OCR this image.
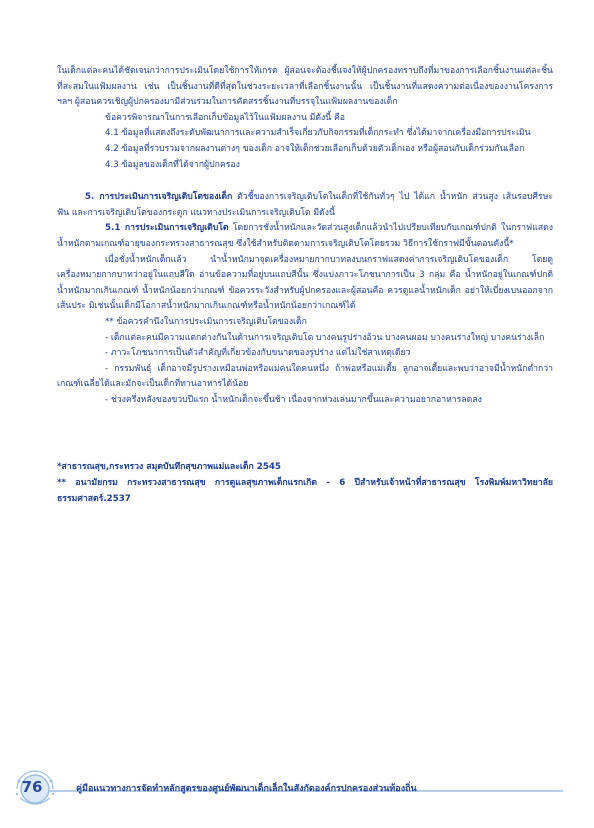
ในเด็กแต่ละคนได้ชัดเจนกว่าการประเมินโดยใช้การให้เกรด ผู้สอนจะต้องชี้แจงให้ผู้ปกครองทราบถึงที่มาของการเลือกชิ้นงานแต่ละชิ้นที่สะสมในแฟ้มผลงาน เช่น เป็นชิ้นงานที่ดีที่สุดในช่วงระยะเวลาที่เลือกชิ้นงานนั้น เป็นชิ้นงานที่แสดงความต่อเนื่องของงานโครงการ ฯลฯ ผู้สอนควรเชิญผู้ปกครองมามีส่วนร่วมในการคัดสรรชิ้นงานที่บรรจุในแฟ้มผลงานของเด็ก

ข้อควรพิจารณาในการเลือกเก็บข้อมูลไว้ในแฟ้มผลงาน มีดังนี้ คือ

4.1 ข้อมูลที่แสดงถึงระดับพัฒนาการและความสำเร็จเกี่ยวกับกิจกรรมที่เด็กกระทำ ซึ่งได้มาจากเครื่องมือการประเมิน

4.2 ข้อมูลที่รวบรวมจากผลงานต่างๆ ของเด็ก อาจให้เด็กช่วยเลือกเก็บด้วยตัวเด็กเอง หรือผู้สอนกับเด็กร่วมกันเลือก

4.3 ข้อมูลของเด็กที่ได้จากผู้ปกครอง

5. การประเมินการเจริญเติบโตของเด็ก ตัวชี้ของการเจริญเติบโตในเด็กที่ใช้กันทั่วๆ ไป ได้แก่ น้ำหนัก ส่วนสูง เส้นรอบศีรษะ ฟัน และการเจริญเติบโตของกระดูก แนวทางประเมินการเจริญเติบโต มีดังนี้

5.1 การประเมินการเจริญเติบโต โดยการชั่งน้ำหนักและวัดส่วนสูงเด็กแล้วนำไปเปรียบเทียบกับเกณฑ์ปกติ ในกราฟแสดงน้ำหนักตามเกณฑ์อายุของกระทรวงสาธารณสุข ซึ่งใช้สำหรับติดตามการเจริญเติบโตโดยรวม วิธีการใช้กราฟมีขั้นตอนดังนี้*

เมื่อชั่งน้ำหนักเด็กแล้ว นำน้ำหนักมาจุดเครื่องหมายกากบาทลงบนกราฟแสดงค่าการเจริญเติบโตของเด็ก โดยดูเครื่องหมายกากบาทว่าอยู่ในแถบสีใด อ่านข้อความที่อยู่บนแถบสีนั้น ซึ่งแบ่งภาวะโภชนาการเป็น 3 กลุ่ม คือ น้ำหนักอยู่ในเกณฑ์ปกติ น้ำหนักมากเกินเกณฑ์ น้ำหนักน้อยกว่าเกณฑ์ ข้อควรระวังสำหรับผู้ปกครองและผู้สอนคือ ควรดูแลน้ำหนักเด็ก อย่าให้เบี่ยงเบนออกจากเส้นประ มิเช่นนั้นเด็กมีโอกาสน้ำหนักมากเกินเกณฑ์หรือน้ำหนักน้อยกว่าเกณฑ์ได้

** ข้อควรคำนึงในการประเมินการเจริญเติบโตของเด็ก

- เด็กแต่ละคนมีความแตกต่างกันในด้านการเจริญเติบโต บางคนรูปร่างอ้วน บางคนผอม บางคนร่างใหญ่ บางคนร่างเล็ก

- ภาวะโภชนาการเป็นตัวสำคัญที่เกี่ยวข้องกับขนาดของรูปร่าง แต่ไม่ใช่สาเหตุเดียว

- กรรมพันธุ์ เด็กอาจมีรูปร่างเหมือนพ่อหรือแม่คนใดคนหนึ่ง ถ้าพ่อหรือแม่เตี้ย ลูกอาจเตี้ยและพบว่าอาจมีน้ำหนักต่ำกว่าเกณฑ์เฉลี่ยได้และมักจะเป็นเด็กที่ทานอาหารได้น้อย

- ช่วงครึ่งหลังของขวบปีแรก น้ำหนักเด็กจะขึ้นช้า เนื่องจากห่วงเล่นมากขึ้นและความอยากอาหารลดลง

*สาธารณสุข,กระทรวง สมุดบันทึกสุขภาพแม่และเด็ก 2545

** อนามัยกรม กระทรวงสาธารณสุข การดูแลสุขภาพเด็กแรกเกิด - 6 ปีสำหรับเจ้าหน้าที่สาธารณสุข โรงพิมพ์มหาวิทยาลัยธรรมศาสตร์.2537

76	คู่มือแนวทางการจัดทำหลักสูตรของศูนย์พัฒนาเด็กเล็กในสังกัดองค์กรปกครองส่วนท้องถิ่น
